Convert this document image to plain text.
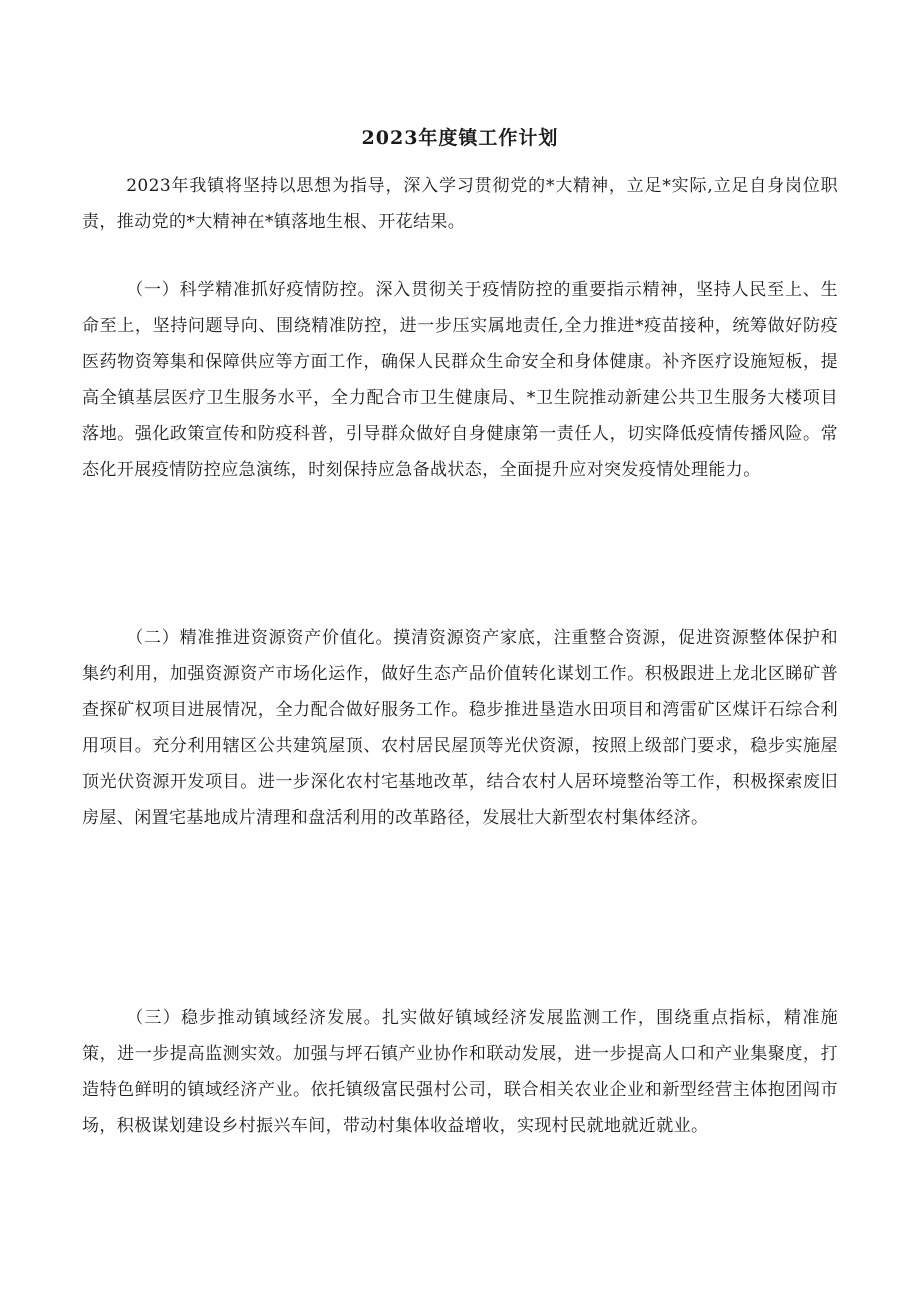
2023年度镇工作计划

2023年我镇将坚持以思想为指导，深入学习贯彻党的*大精神，立足*实际,立足自身岗位职责，推动党的*大精神在*镇落地生根、开花结果。

（一）科学精准抓好疫情防控。深入贯彻关于疫情防控的重要指示精神，坚持人民至上、生命至上，坚持问题导向、围绕精准防控，进一步压实属地责任,全力推进*疫苗接种，统筹做好防疫医药物资筹集和保障供应等方面工作，确保人民群众生命安全和身体健康。补齐医疗设施短板，提高全镇基层医疗卫生服务水平，全力配合市卫生健康局、*卫生院推动新建公共卫生服务大楼项目落地。强化政策宣传和防疫科普，引导群众做好自身健康第一责任人，切实降低疫情传播风险。常态化开展疫情防控应急演练，时刻保持应急备战状态，全面提升应对突发疫情处理能力。

（二）精准推进资源资产价值化。摸清资源资产家底，注重整合资源，促进资源整体保护和集约利用，加强资源资产市场化运作，做好生态产品价值转化谋划工作。积极跟进上龙北区睇矿普查探矿权项目进展情况，全力配合做好服务工作。稳步推进垦造水田项目和湾雷矿区煤讦石综合利用项目。充分利用辖区公共建筑屋顶、农村居民屋顶等光伏资源，按照上级部门要求，稳步实施屋顶光伏资源开发项目。进一步深化农村宅基地改革，结合农村人居环境整治等工作，积极探索废旧房屋、闲置宅基地成片清理和盘活利用的改革路径，发展壮大新型农村集体经济。

（三）稳步推动镇域经济发展。扎实做好镇域经济发展监测工作，围绕重点指标，精准施策，进一步提高监测实效。加强与坪石镇产业协作和联动发展，进一步提高人口和产业集聚度，打造特色鲜明的镇域经济产业。依托镇级富民强村公司，联合相关农业企业和新型经营主体抱团闯市场，积极谋划建设乡村振兴车间，带动村集体收益增收，实现村民就地就近就业。
